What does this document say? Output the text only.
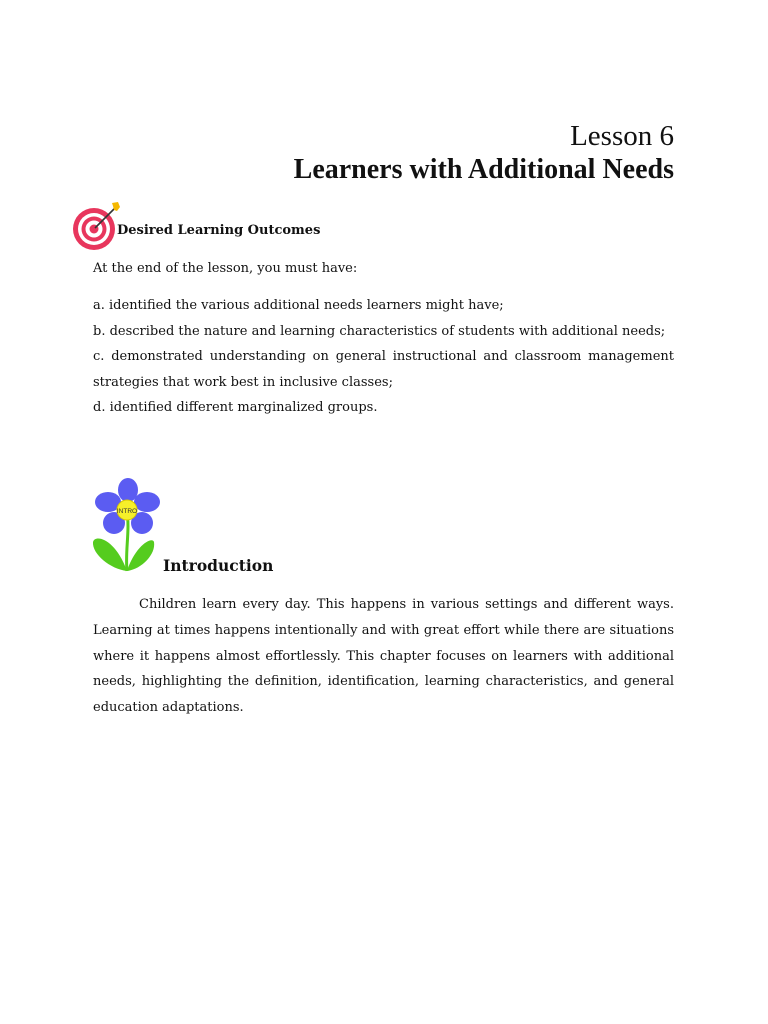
Lesson 6
Learners with Additional Needs
Desired Learning Outcomes
At the end of the lesson, you must have:

a. identified the various additional needs learners might have;

b. described the nature and learning characteristics of students with additional needs;

c. demonstrated understanding on general instructional and classroom management strategies that work best in inclusive classes;

d. identified different marginalized groups.

INTRO
Introduction

Children learn every day. This happens in various settings and different ways. Learning at times happens intentionally and with great effort while there are situations where it happens almost effortlessly. This chapter focuses on learners with additional needs, highlighting the definition, identification, learning characteristics, and general education adaptations.
